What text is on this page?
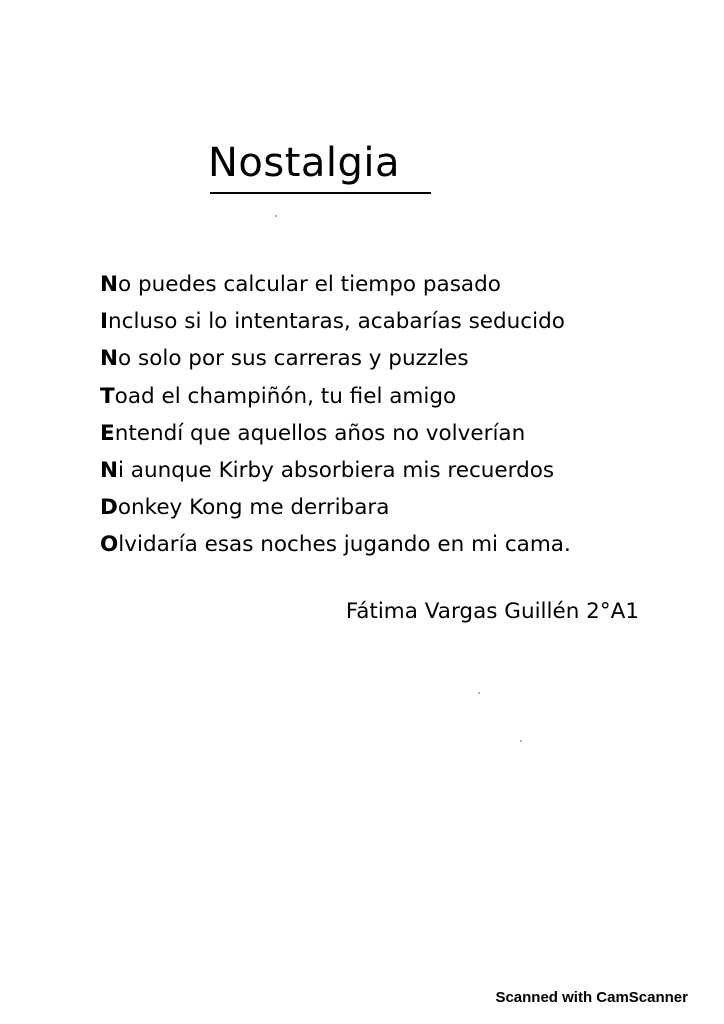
Nostalgia
No puedes calcular el tiempo pasado
Incluso si lo intentaras, acabarías seducido
No solo por sus carreras y puzzles
Toad el champiñón, tu fiel amigo
Entendí que aquellos años no volverían
Ni aunque Kirby absorbiera mis recuerdos
Donkey Kong me derribara
Olvidaría esas noches jugando en mi cama.
Fátima Vargas Guillén 2°A1
Scanned with CamScanner
